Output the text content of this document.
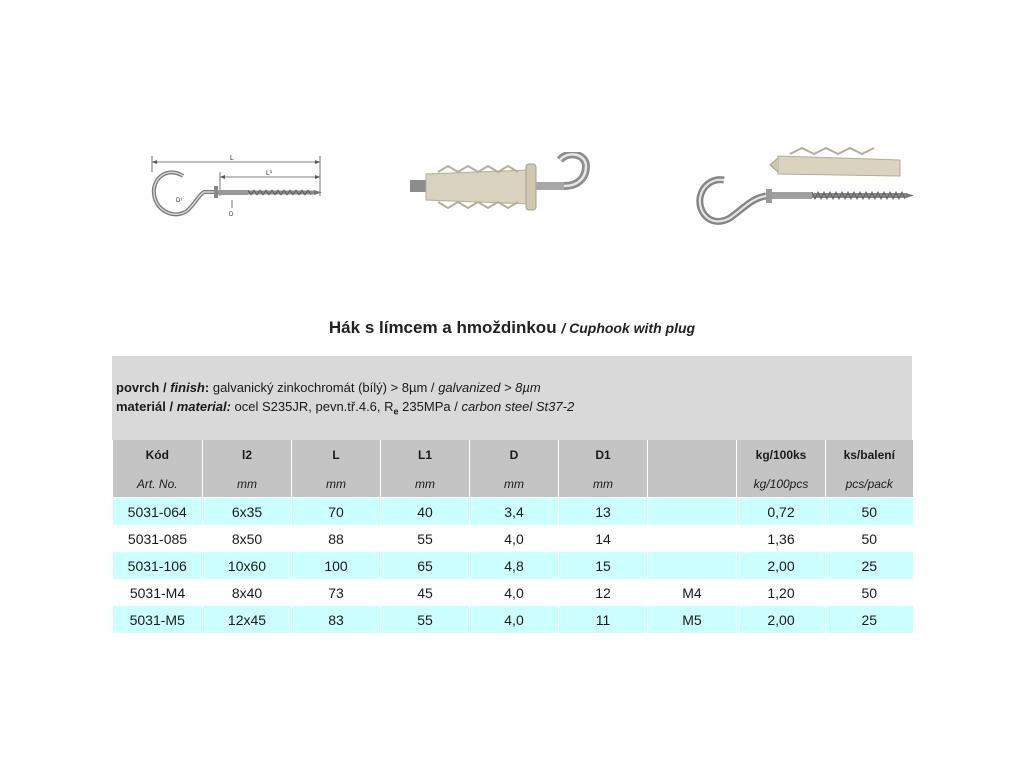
L
L¹
D¹
D
Hák s límcem a hmoždinkou / Cuphook with plug
povrch / finish: galvanický zinkochromát (bílý) > 8µm / galvanized > 8µm
materiál / material: ocel S235JR, pevn.tř.4.6, $R_e$ 235MPa / carbon steel St37-2
Kód	l2	L	L1	D	D1		kg/100ks	ks/balení
Art. No.	mm	mm	mm	mm	mm		kg/100pcs	pcs/pack
5031-064	6x35	70	40	3,4	13		0,72	50
5031-085	8x50	88	55	4,0	14		1,36	50
5031-106	10x60	100	65	4,8	15		2,00	25
5031-M4	8x40	73	45	4,0	12	M4	1,20	50
5031-M5	12x45	83	55	4,0	11	M5	2,00	25
